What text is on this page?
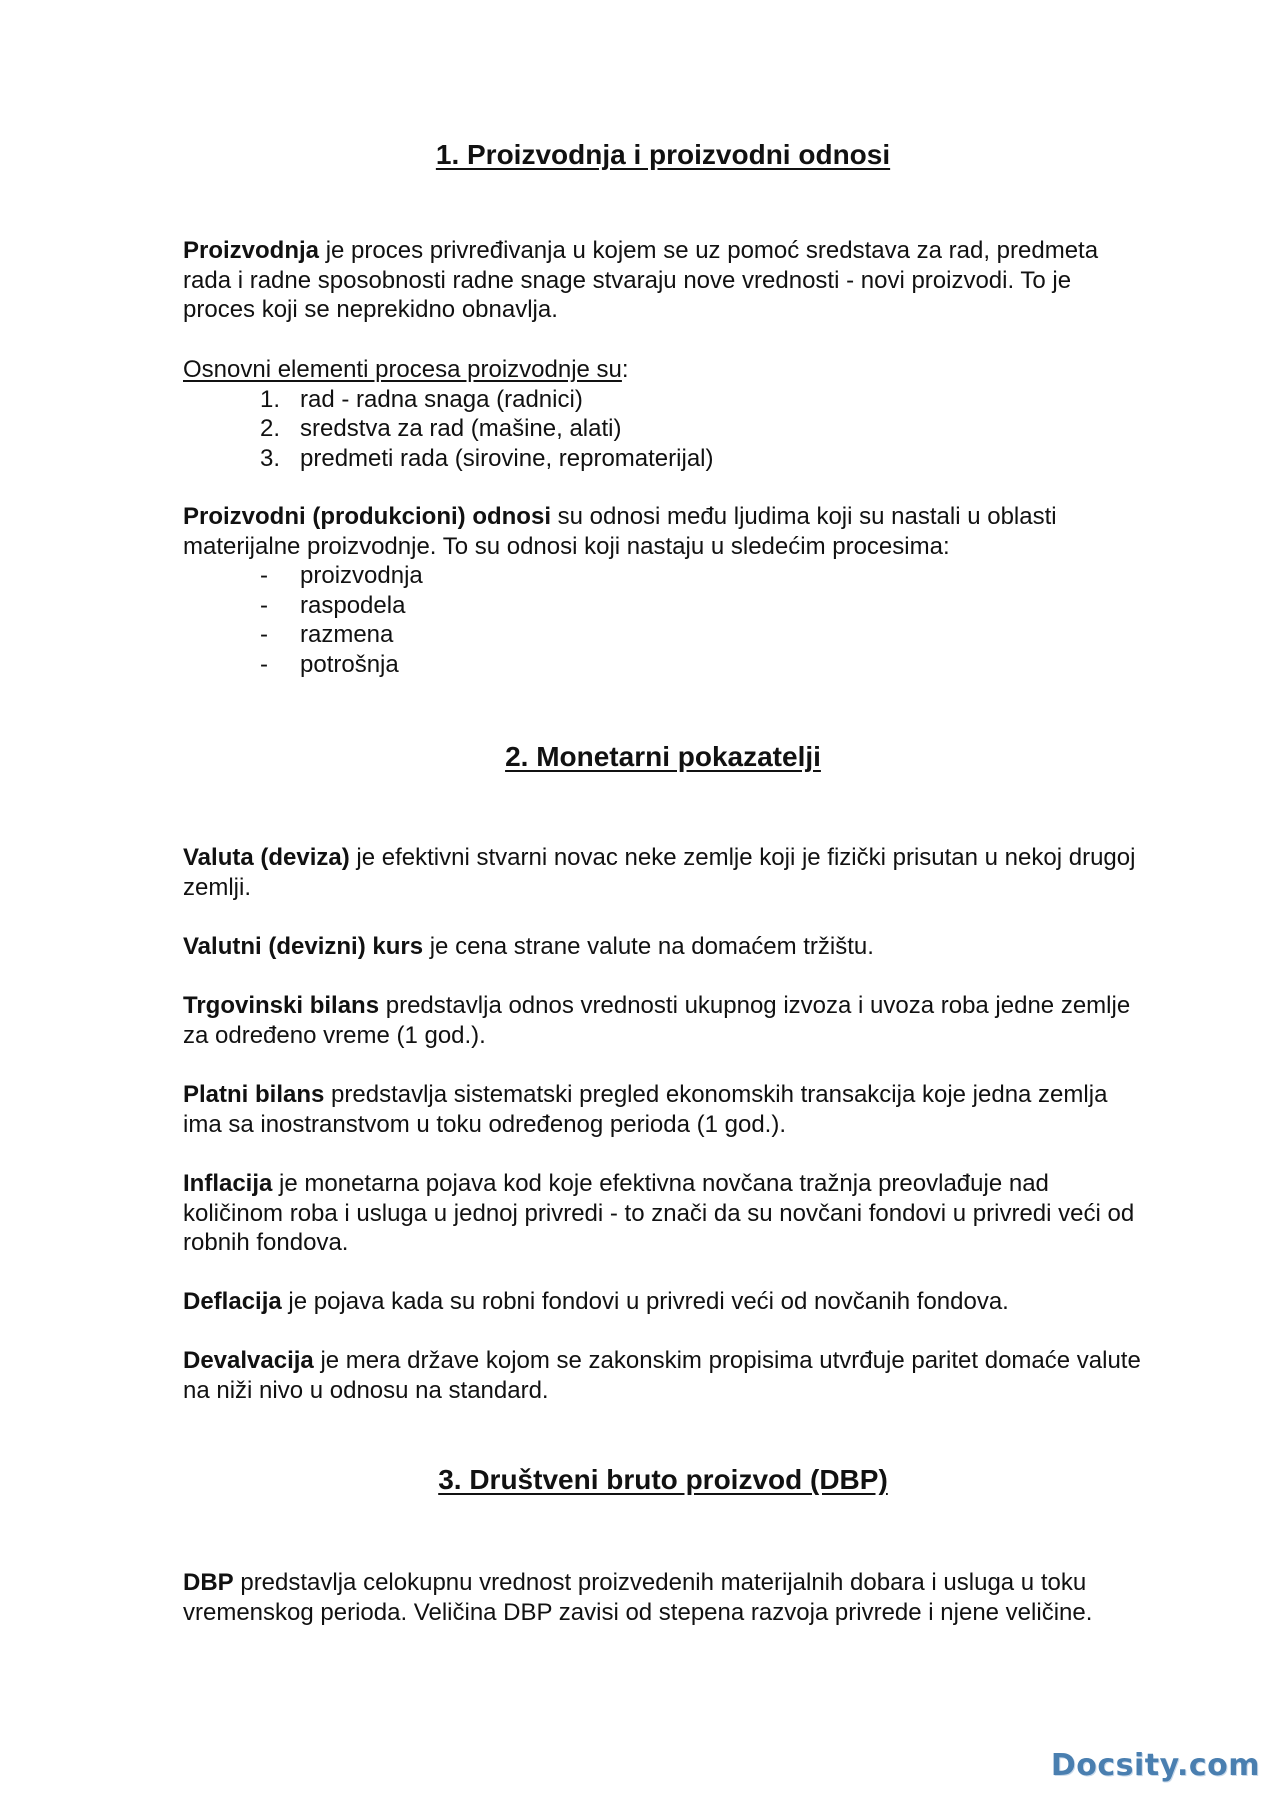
1. Proizvodnja i proizvodni odnosi

Proizvodnja je proces privređivanja u kojem se uz pomoć sredstava za rad, predmeta rada i radne sposobnosti radne snage stvaraju nove vrednosti - novi proizvodi. To je proces koji se neprekidno obnavlja.

Osnovni elementi procesa proizvodnje su:

1. rad - radna snaga (radnici)
2. sredstva za rad (mašine, alati)
3. predmeti rada (sirovine, repromaterijal)

Proizvodni (produkcioni) odnosi su odnosi među ljudima koji su nastali u oblasti materijalne proizvodnje. To su odnosi koji nastaju u sledećim procesima:

-	proizvodnja
-	raspodela
-	razmena
-	potrošnja
2. Monetarni pokazatelji

Valuta (deviza) je efektivni stvarni novac neke zemlje koji je fizički prisutan u nekoj drugoj zemlji.

Valutni (devizni) kurs je cena strane valute na domaćem tržištu.

Trgovinski bilans predstavlja odnos vrednosti ukupnog izvoza i uvoza roba jedne zemlje za određeno vreme (1 god.).

Platni bilans predstavlja sistematski pregled ekonomskih transakcija koje jedna zemlja ima sa inostranstvom u toku određenog perioda (1 god.).

Inflacija je monetarna pojava kod koje efektivna novčana tražnja preovlađuje nad količinom roba i usluga u jednoj privredi - to znači da su novčani fondovi u privredi veći od robnih fondova.

Deflacija je pojava kada su robni fondovi u privredi veći od novčanih fondova.

Devalvacija je mera države kojom se zakonskim propisima utvrđuje paritet domaće valute na niži nivo u odnosu na standard.

3. Društveni bruto proizvod (DBP)

DBP predstavlja celokupnu vrednost proizvedenih materijalnih dobara i usluga u toku vremenskog perioda. Veličina DBP zavisi od stepena razvoja privrede i njene veličine.

Docsity.com
